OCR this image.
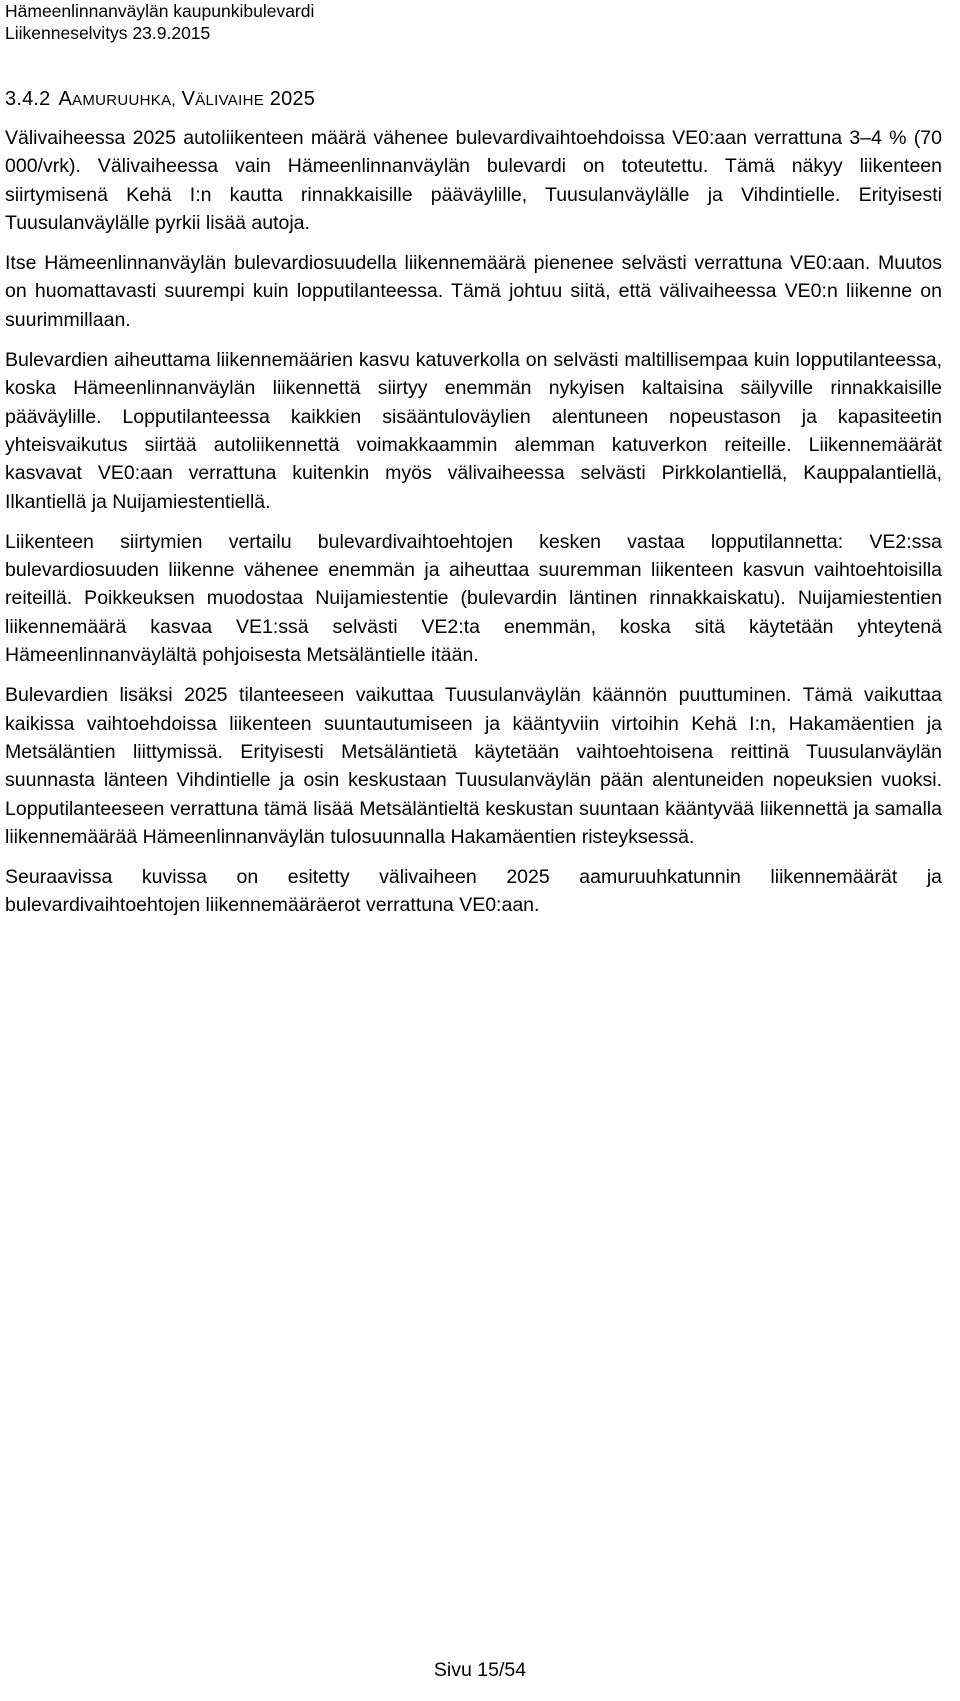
Hämeenlinnanväylän kaupunkibulevardi
Liikenneselvitys 23.9.2015
3.4.2 AAMURUUHKA, VÄLIVAIHE 2025

Välivaiheessa 2025 autoliikenteen määrä vähenee bulevardivaihtoehdoissa VE0:aan verrattuna 3–4 % (70 000/vrk). Välivaiheessa vain Hämeenlinnanväylän bulevardi on toteutettu. Tämä näkyy liikenteen siirtymisenä Kehä I:n kautta rinnakkaisille pääväylille, Tuusulanväylälle ja Vihdintielle. Erityisesti Tuusulanväylälle pyrkii lisää autoja.

Itse Hämeenlinnanväylän bulevardiosuudella liikennemäärä pienenee selvästi verrattuna VE0:aan. Muutos on huomattavasti suurempi kuin lopputilanteessa. Tämä johtuu siitä, että välivaiheessa VE0:n liikenne on suurimmillaan.

Bulevardien aiheuttama liikennemäärien kasvu katuverkolla on selvästi maltillisempaa kuin lopputilanteessa, koska Hämeenlinnanväylän liikennettä siirtyy enemmän nykyisen kaltaisina säilyville rinnakkaisille pääväylille. Lopputilanteessa kaikkien sisääntuloväylien alentuneen nopeustason ja kapasiteetin yhteisvaikutus siirtää autoliikennettä voimakkaammin alemman katuverkon reiteille. Liikennemäärät kasvavat VE0:aan verrattuna kuitenkin myös välivaiheessa selvästi Pirkkolantiellä, Kauppalantiellä, Ilkantiellä ja Nuijamiestentiellä.

Liikenteen siirtymien vertailu bulevardivaihtoehtojen kesken vastaa lopputilannetta: VE2:ssa bulevardiosuuden liikenne vähenee enemmän ja aiheuttaa suuremman liikenteen kasvun vaihtoehtoisilla reiteillä. Poikkeuksen muodostaa Nuijamiestentie (bulevardin läntinen rinnakkaiskatu). Nuijamiestentien liikennemäärä kasvaa VE1:ssä selvästi VE2:ta enemmän, koska sitä käytetään yhteytenä Hämeenlinnanväylältä pohjoisesta Metsäläntielle itään.

Bulevardien lisäksi 2025 tilanteeseen vaikuttaa Tuusulanväylän käännön puuttuminen. Tämä vaikuttaa kaikissa vaihtoehdoissa liikenteen suuntautumiseen ja kääntyviin virtoihin Kehä I:n, Hakamäentien ja Metsäläntien liittymissä. Erityisesti Metsäläntietä käytetään vaihtoehtoisena reittinä Tuusulanväylän suunnasta länteen Vihdintielle ja osin keskustaan Tuusulanväylän pään alentuneiden nopeuksien vuoksi. Lopputilanteeseen verrattuna tämä lisää Metsäläntieltä keskustan suuntaan kääntyvää liikennettä ja samalla liikennemäärää Hämeenlinnanväylän tulosuunnalla Hakamäentien risteyksessä.

Seuraavissa kuvissa on esitetty välivaiheen 2025 aamuruuhkatunnin liikennemäärät ja bulevardivaihtoehtojen liikennemääräerot verrattuna VE0:aan.

Sivu 15/54
